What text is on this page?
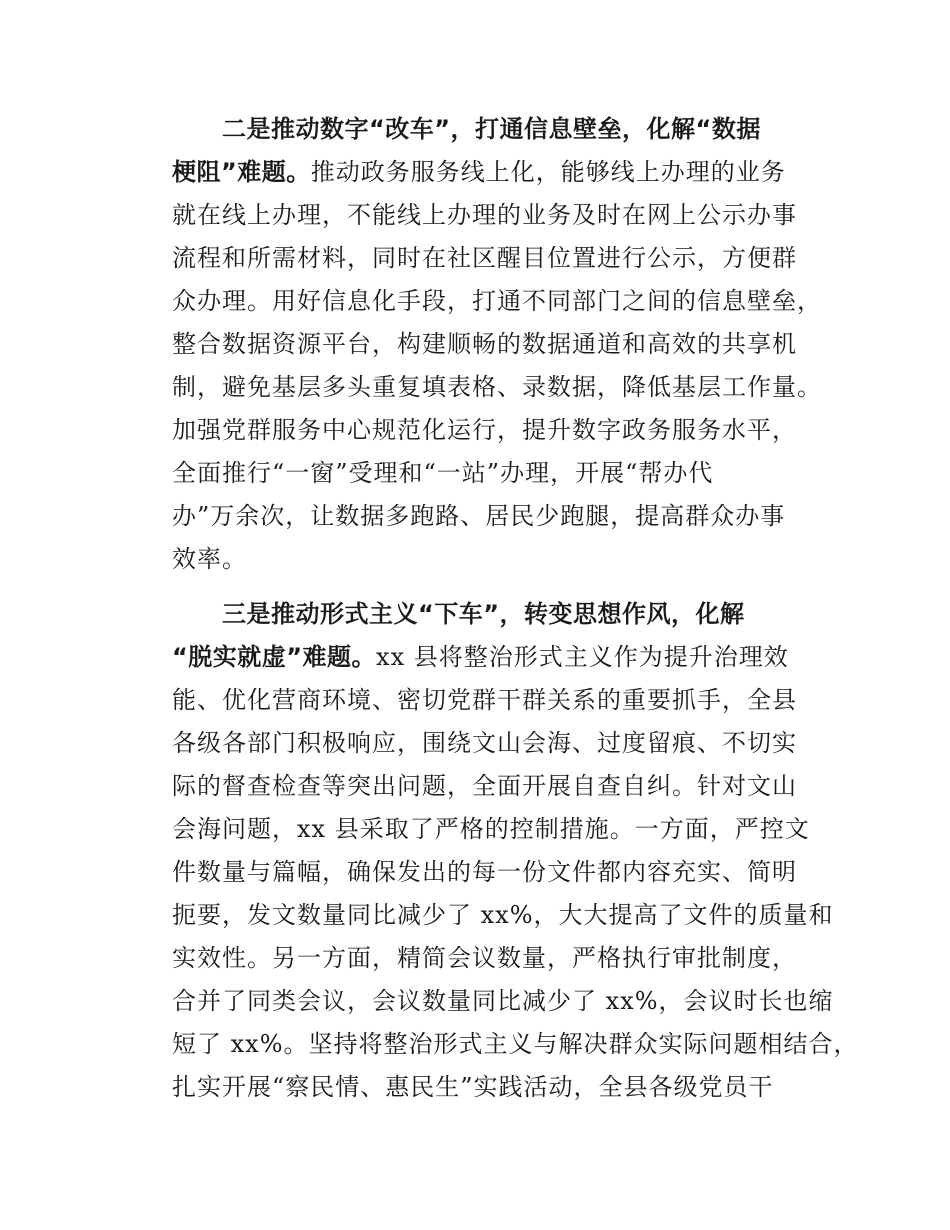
二是推动数字“改车”，打通信息壁垒，化解“数据
梗阻”难题。推动政务服务线上化，能够线上办理的业务
就在线上办理，不能线上办理的业务及时在网上公示办事
流程和所需材料，同时在社区醒目位置进行公示，方便群
众办理。用好信息化手段，打通不同部门之间的信息壁垒，
整合数据资源平台，构建顺畅的数据通道和高效的共享机
制，避免基层多头重复填表格、录数据，降低基层工作量。
加强党群服务中心规范化运行，提升数字政务服务水平，
全面推行“一窗”受理和“一站”办理，开展“帮办代
办”万余次，让数据多跑路、居民少跑腿，提高群众办事
效率。
三是推动形式主义“下车”，转变思想作风，化解
“脱实就虚”难题。xx 县将整治形式主义作为提升治理效
能、优化营商环境、密切党群干群关系的重要抓手，全县
各级各部门积极响应，围绕文山会海、过度留痕、不切实
际的督查检查等突出问题，全面开展自查自纠。针对文山
会海问题，xx 县采取了严格的控制措施。一方面，严控文
件数量与篇幅，确保发出的每一份文件都内容充实、简明
扼要，发文数量同比减少了 xx%，大大提高了文件的质量和
实效性。另一方面，精简会议数量，严格执行审批制度，
合并了同类会议，会议数量同比减少了 xx%，会议时长也缩
短了 xx%。坚持将整治形式主义与解决群众实际问题相结合，
扎实开展“察民情、惠民生”实践活动，全县各级党员干
